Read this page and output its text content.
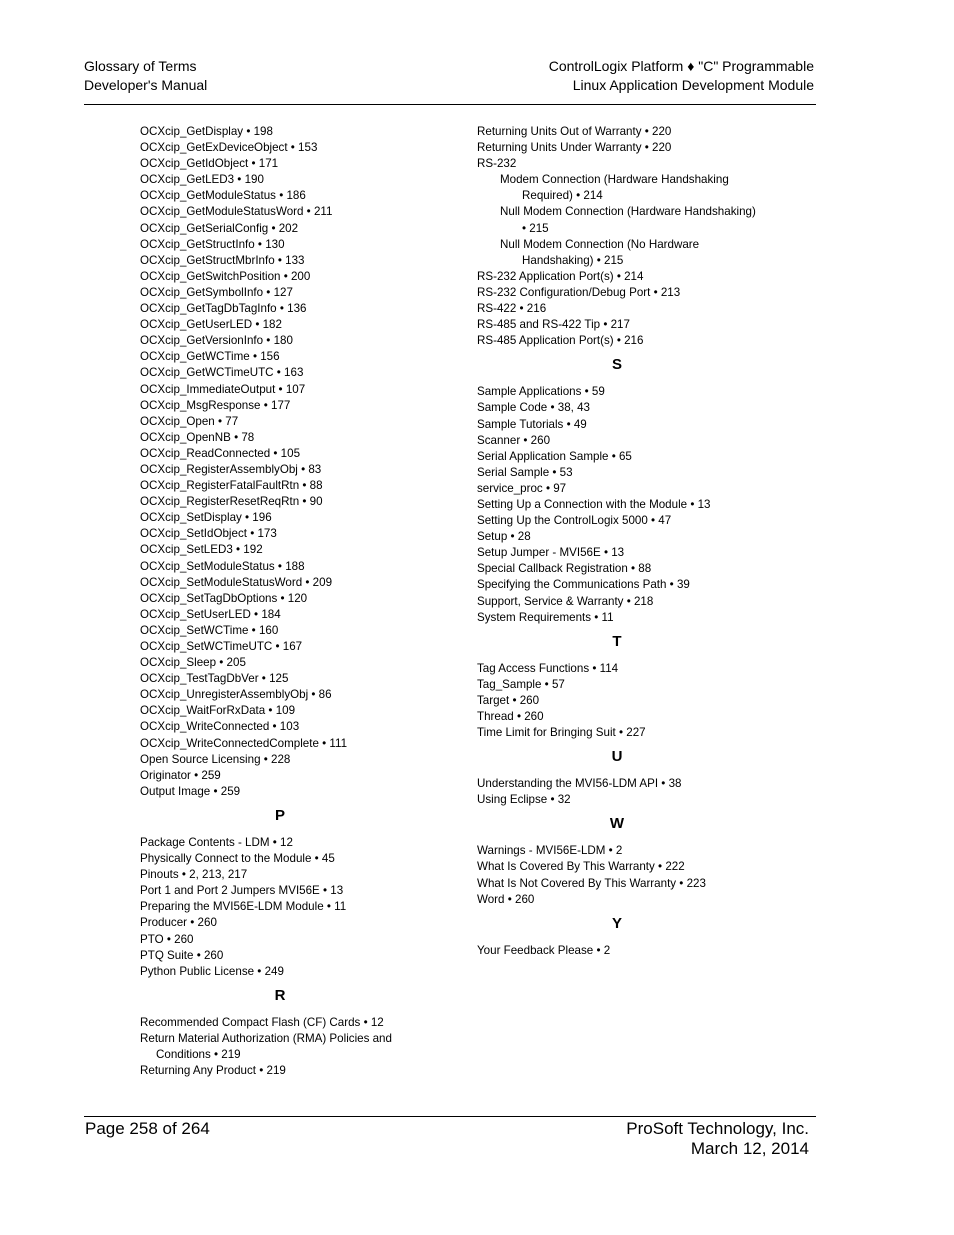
Glossary of Terms
Developer's Manual
ControlLogix Platform ♦ "C" Programmable
Linux Application Development Module
OCXcip_GetDisplay • 198
OCXcip_GetExDeviceObject • 153
OCXcip_GetIdObject • 171
OCXcip_GetLED3 • 190
OCXcip_GetModuleStatus • 186
OCXcip_GetModuleStatusWord • 211
OCXcip_GetSerialConfig • 202
OCXcip_GetStructInfo • 130
OCXcip_GetStructMbrInfo • 133
OCXcip_GetSwitchPosition • 200
OCXcip_GetSymbolInfo • 127
OCXcip_GetTagDbTagInfo • 136
OCXcip_GetUserLED • 182
OCXcip_GetVersionInfo • 180
OCXcip_GetWCTime • 156
OCXcip_GetWCTimeUTC • 163
OCXcip_ImmediateOutput • 107
OCXcip_MsgResponse • 177
OCXcip_Open • 77
OCXcip_OpenNB • 78
OCXcip_ReadConnected • 105
OCXcip_RegisterAssemblyObj • 83
OCXcip_RegisterFatalFaultRtn • 88
OCXcip_RegisterResetReqRtn • 90
OCXcip_SetDisplay • 196
OCXcip_SetIdObject • 173
OCXcip_SetLED3 • 192
OCXcip_SetModuleStatus • 188
OCXcip_SetModuleStatusWord • 209
OCXcip_SetTagDbOptions • 120
OCXcip_SetUserLED • 184
OCXcip_SetWCTime • 160
OCXcip_SetWCTimeUTC • 167
OCXcip_Sleep • 205
OCXcip_TestTagDbVer • 125
OCXcip_UnregisterAssemblyObj • 86
OCXcip_WaitForRxData • 109
OCXcip_WriteConnected • 103
OCXcip_WriteConnectedComplete • 111
Open Source Licensing • 228
Originator • 259
Output Image • 259
P
Package Contents - LDM • 12
Physically Connect to the Module • 45
Pinouts • 2, 213, 217
Port 1 and Port 2 Jumpers MVI56E • 13
Preparing the MVI56E-LDM Module • 11
Producer • 260
PTO • 260
PTQ Suite • 260
Python Public License • 249
R
Recommended Compact Flash (CF) Cards • 12
Return Material Authorization (RMA) Policies and
Conditions • 219
Returning Any Product • 219
Returning Units Out of Warranty • 220
Returning Units Under Warranty • 220
RS-232
Modem Connection (Hardware Handshaking
Required) • 214
Null Modem Connection (Hardware Handshaking)
• 215
Null Modem Connection (No Hardware
Handshaking) • 215
RS-232 Application Port(s) • 214
RS-232 Configuration/Debug Port • 213
RS-422 • 216
RS-485 and RS-422 Tip • 217
RS-485 Application Port(s) • 216
S
Sample Applications • 59
Sample Code • 38, 43
Sample Tutorials • 49
Scanner • 260
Serial Application Sample • 65
Serial Sample • 53
service_proc • 97
Setting Up a Connection with the Module • 13
Setting Up the ControlLogix 5000 • 47
Setup • 28
Setup Jumper - MVI56E • 13
Special Callback Registration • 88
Specifying the Communications Path • 39
Support, Service & Warranty • 218
System Requirements • 11
T
Tag Access Functions • 114
Tag_Sample • 57
Target • 260
Thread • 260
Time Limit for Bringing Suit • 227
U
Understanding the MVI56-LDM API • 38
Using Eclipse • 32
W
Warnings - MVI56E-LDM • 2
What Is Covered By This Warranty • 222
What Is Not Covered By This Warranty • 223
Word • 260
Y
Your Feedback Please • 2
Page 258 of 264	ProSoft Technology, Inc.
March 12, 2014
